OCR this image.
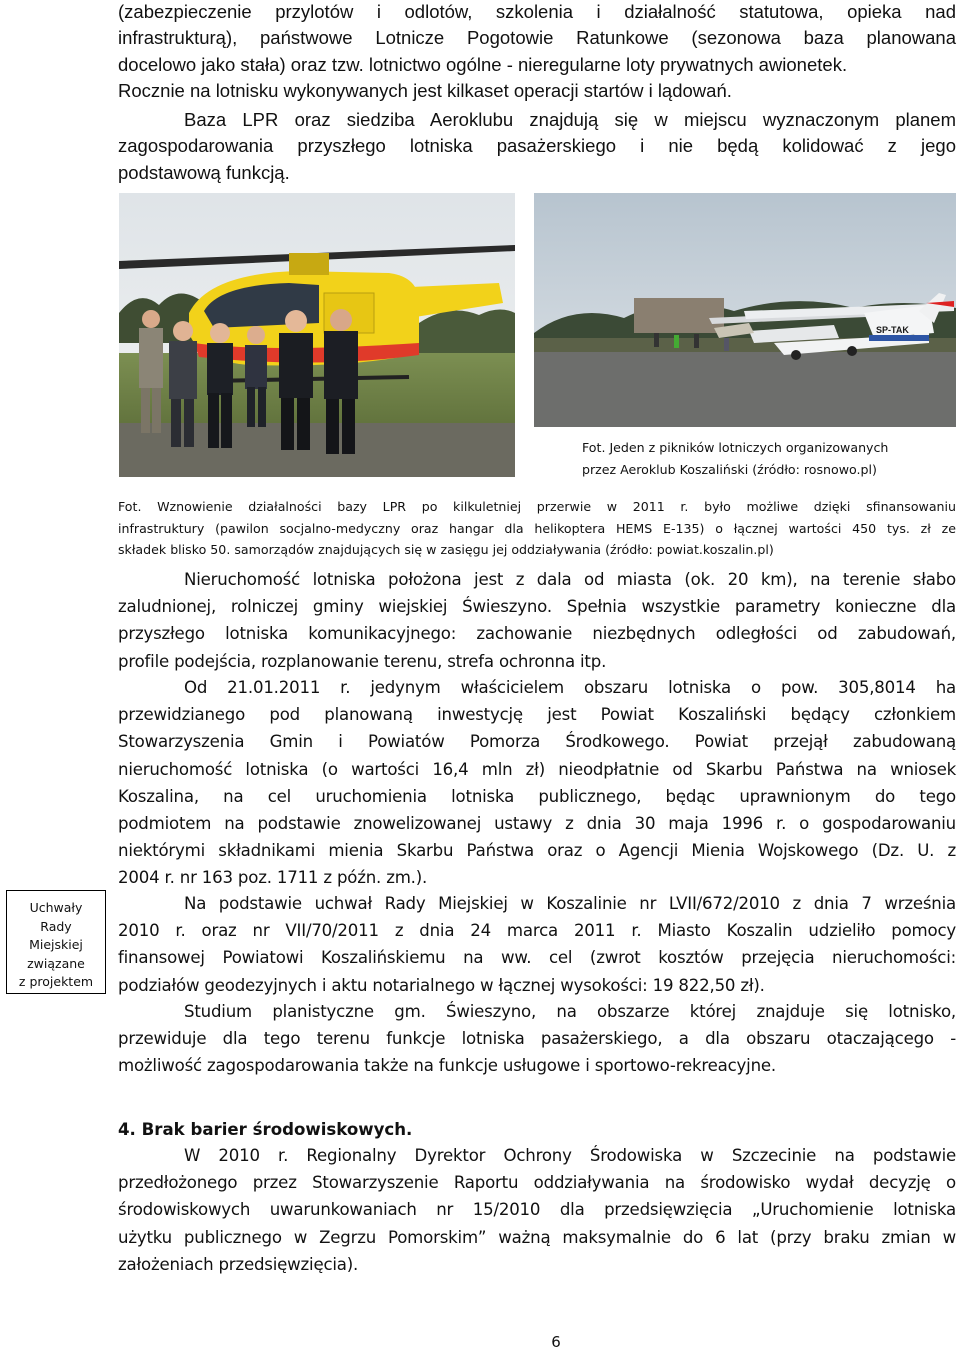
(zabezpieczenie przylotów i odlotów, szkolenia i działalność statutowa, opieka nad
infrastrukturą), państwowe Lotnicze Pogotowie Ratunkowe (sezonowa baza planowana
docelowo jako stała) oraz tzw. lotnictwo ogólne - nieregularne loty prywatnych awionetek.
Rocznie na lotnisku wykonywanych jest kilkaset operacji startów i lądowań.
Baza LPR oraz siedziba Aeroklubu znajdują się w miejscu wyznaczonym planem
zagospodarowania przyszłego lotniska pasażerskiego i nie będą kolidować z jego
podstawową funkcją.
SP-TAK
Fot. Jeden z pikników lotniczych organizowanych
przez Aeroklub Koszaliński (źródło: rosnowo.pl)
Fot. Wznowienie działalności bazy LPR po kilkuletniej przerwie w 2011 r. było możliwe dzięki sfinansowaniu
infrastruktury (pawilon socjalno-medyczny oraz hangar dla helikoptera HEMS E-135) o łącznej wartości 450 tys. zł ze
składek blisko 50. samorządów znajdujących się w zasięgu jej oddziaływania (źródło: powiat.koszalin.pl)
Nieruchomość lotniska położona jest z dala od miasta (ok. 20 km), na terenie słabo
zaludnionej, rolniczej gminy wiejskiej Świeszyno. Spełnia wszystkie parametry konieczne dla
przyszłego lotniska komunikacyjnego: zachowanie niezbędnych odległości od zabudowań,
profile podejścia, rozplanowanie terenu, strefa ochronna itp.
Od 21.01.2011 r. jedynym właścicielem obszaru lotniska o pow. 305,8014 ha
przewidzianego pod planowaną inwestycję jest Powiat Koszaliński będący członkiem
Stowarzyszenia Gmin i Powiatów Pomorza Środkowego. Powiat przejął zabudowaną
nieruchomość lotniska (o wartości 16,4 mln zł) nieodpłatnie od Skarbu Państwa na wniosek
Koszalina, na cel uruchomienia lotniska publicznego, będąc uprawnionym do tego
podmiotem na podstawie znowelizowanej ustawy z dnia 30 maja 1996 r. o gospodarowaniu
niektórymi składnikami mienia Skarbu Państwa oraz o Agencji Mienia Wojskowego (Dz. U. z
2004 r. nr 163 poz. 1711 z późn. zm.).
Uchwały
Rady
Miejskiej
związane
z projektem
Na podstawie uchwał Rady Miejskiej w Koszalinie nr LVII/672/2010 z dnia 7 września
2010 r. oraz nr VII/70/2011 z dnia 24 marca 2011 r. Miasto Koszalin udzieliło pomocy
finansowej Powiatowi Koszalińskiemu na ww. cel (zwrot kosztów przejęcia nieruchomości:
podziałów geodezyjnych i aktu notarialnego w łącznej wysokości: 19 822,50 zł).
Studium planistyczne gm. Świeszyno, na obszarze której znajduje się lotnisko,
przewiduje dla tego terenu funkcje lotniska pasażerskiego, a dla obszaru otaczającego -
możliwość zagospodarowania także na funkcje usługowe i sportowo-rekreacyjne.
4. Brak barier środowiskowych.
W 2010 r. Regionalny Dyrektor Ochrony Środowiska w Szczecinie na podstawie
przedłożonego przez Stowarzyszenie Raportu oddziaływania na środowisko wydał decyzję o
środowiskowych uwarunkowaniach nr 15/2010 dla przedsięwzięcia „Uruchomienie lotniska
użytku publicznego w Zegrzu Pomorskim” ważną maksymalnie do 6 lat (przy braku zmian w
założeniach przedsięwzięcia).
6
